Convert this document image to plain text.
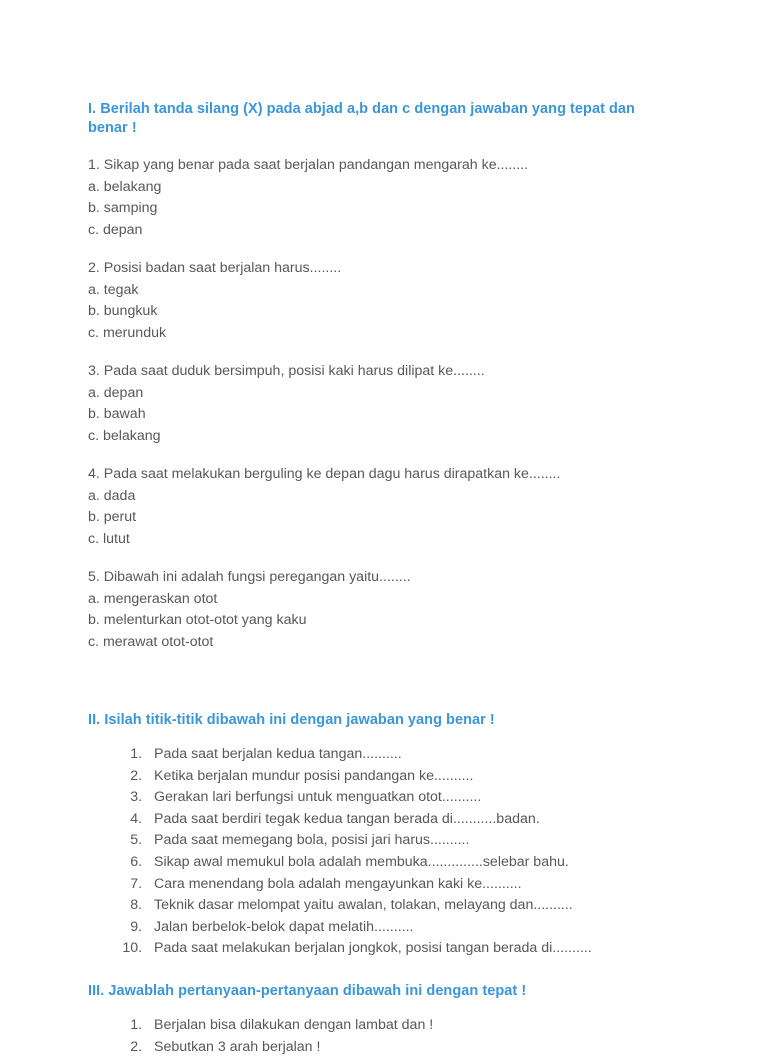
I. Berilah tanda silang (X) pada abjad a,b dan c dengan jawaban yang tepat dan benar !

1. Sikap yang benar pada saat berjalan pandangan mengarah ke........

a. belakang

b. samping

c. depan

2. Posisi badan saat berjalan harus........

a. tegak

b. bungkuk

c. merunduk

3. Pada saat duduk bersimpuh, posisi kaki harus dilipat ke........

a. depan

b. bawah

c. belakang

4. Pada saat melakukan berguling ke depan dagu harus dirapatkan ke........

a. dada

b. perut

c. lutut

5. Dibawah ini adalah fungsi peregangan yaitu........

a. mengeraskan otot

b. melenturkan otot-otot yang kaku

c. merawat otot-otot

II. Isilah titik-titik dibawah ini dengan jawaban yang benar !
1. Pada saat berjalan kedua tangan..........
2. Ketika berjalan mundur posisi pandangan ke..........
3. Gerakan lari berfungsi untuk menguatkan otot..........
4. Pada saat berdiri tegak kedua tangan berada di...........badan.
5. Pada saat memegang bola, posisi jari harus..........
6. Sikap awal memukul bola adalah membuka..............selebar bahu.
7. Cara menendang bola adalah mengayunkan kaki ke..........
8. Teknik dasar melompat yaitu awalan, tolakan, melayang dan..........
9. Jalan berbelok-belok dapat melatih..........
10. Pada saat melakukan berjalan jongkok, posisi tangan berada di..........
III. Jawablah pertanyaan-pertanyaan dibawah ini dengan tepat !
1. Berjalan bisa dilakukan dengan lambat dan !
2. Sebutkan 3 arah berjalan !
